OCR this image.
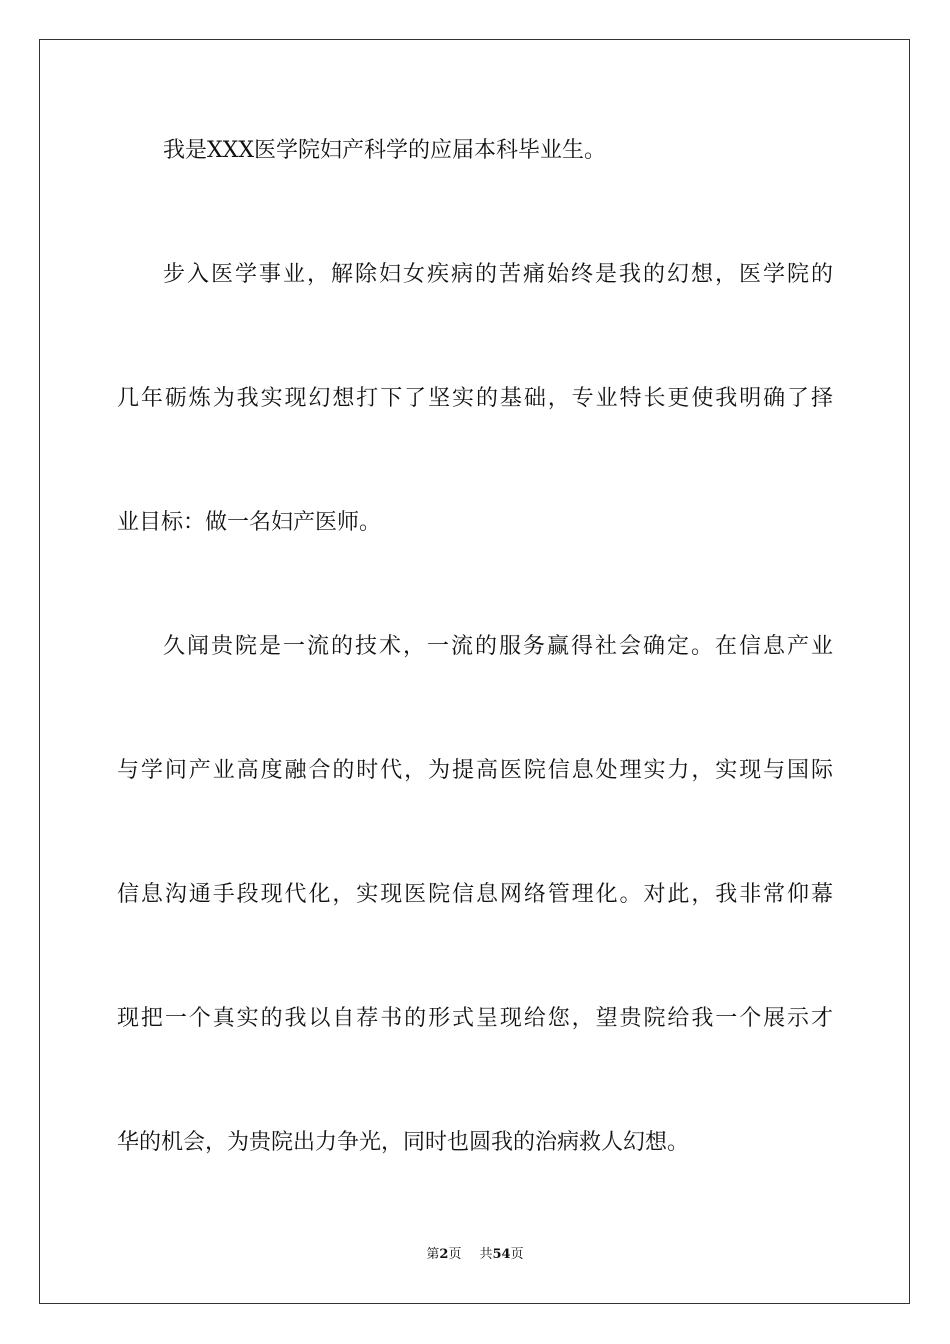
我是XXX医学院妇产科学的应届本科毕业生。
步入医学事业，解除妇女疾病的苦痛始终是我的幻想，医学院的
几年砺炼为我实现幻想打下了坚实的基础，专业特长更使我明确了择
业目标：做一名妇产医师。
久闻贵院是一流的技术，一流的服务赢得社会确定。在信息产业
与学问产业高度融合的时代，为提高医院信息处理实力，实现与国际
信息沟通手段现代化，实现医院信息网络管理化。对此，我非常仰幕
现把一个真实的我以自荐书的形式呈现给您，望贵院给我一个展示才
华的机会，为贵院出力争光，同时也圆我的治病救人幻想。
第2页 共54页
